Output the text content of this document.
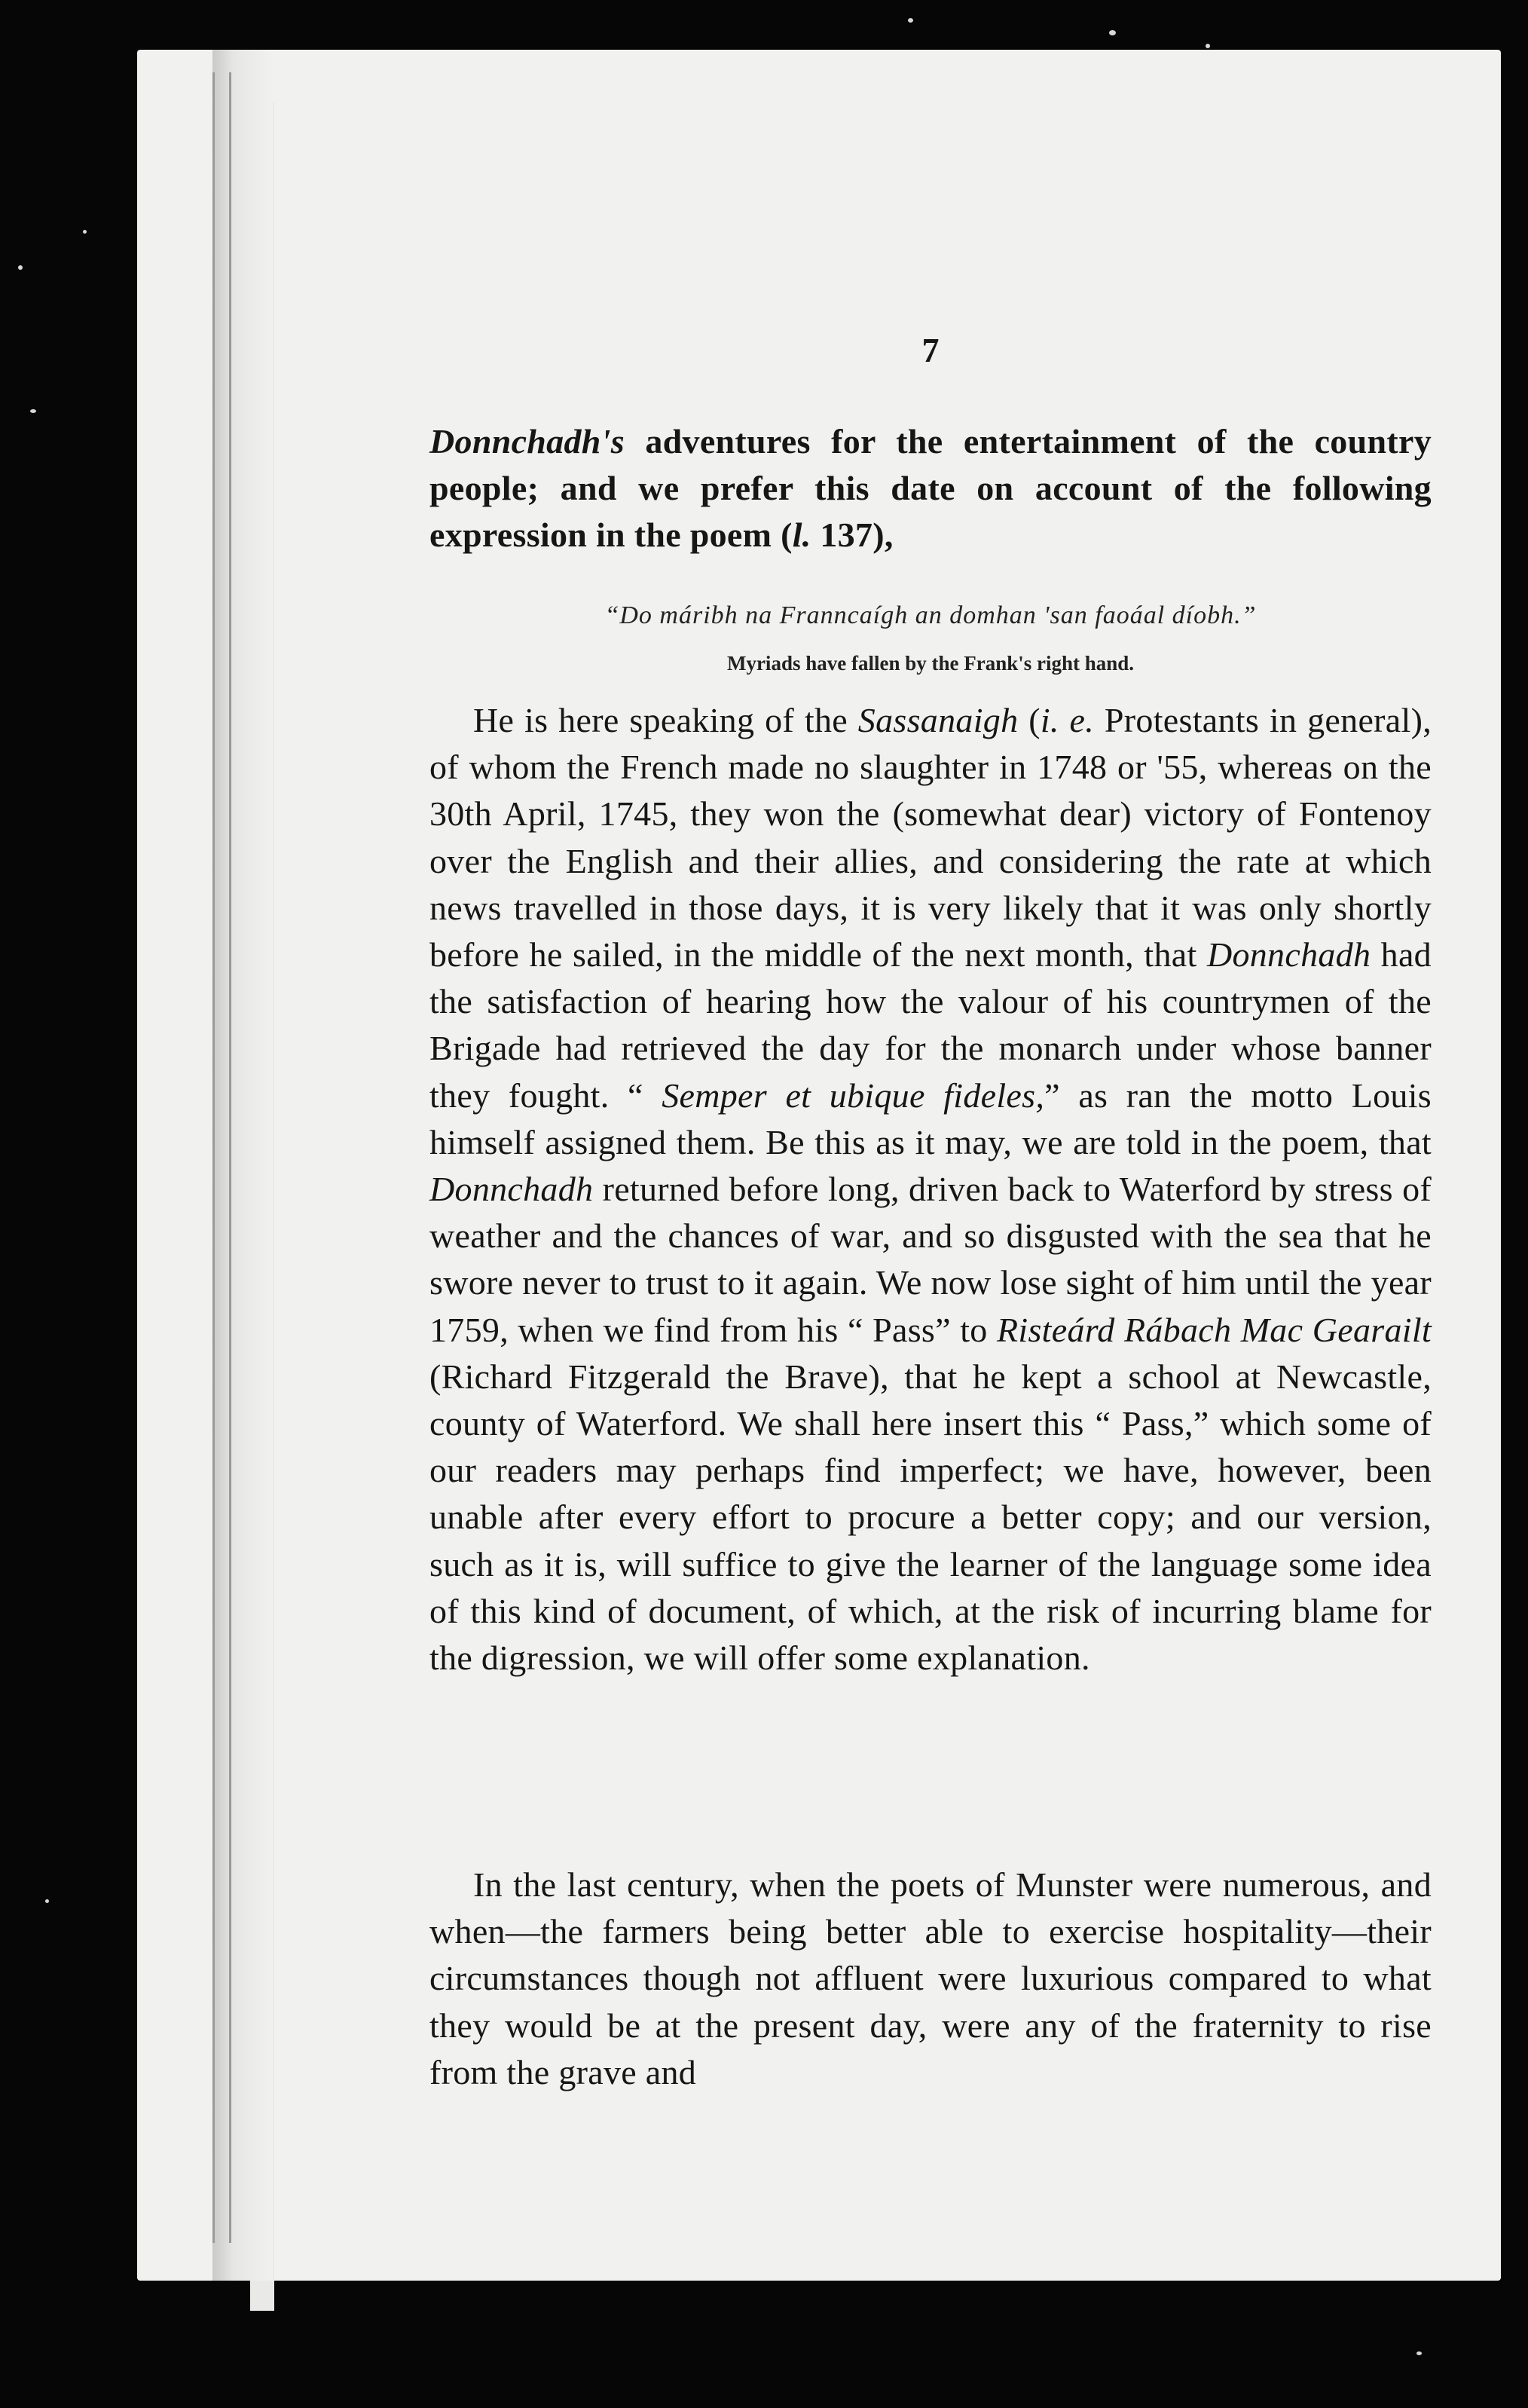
7

Donnchadh's adventures for the entertainment of the country people; and we prefer this date on account of the following expression in the poem (l. 137),

“Do máribh na Franncaígh an domhan 'san faoáal díobh.”
Myriads have fallen by the Frank's right hand.

He is here speaking of the Sassanaigh (i. e. Protestants in general), of whom the French made no slaughter in 1748 or '55, whereas on the 30th April, 1745, they won the (somewhat dear) victory of Fontenoy over the English and their allies, and considering the rate at which news travelled in those days, it is very likely that it was only shortly before he sailed, in the middle of the next month, that Donnchadh had the satisfaction of hearing how the valour of his countrymen of the Brigade had retrieved the day for the monarch under whose banner they fought. “ Semper et ubique fideles,” as ran the motto Louis himself assigned them. Be this as it may, we are told in the poem, that Donnchadh returned before long, driven back to Waterford by stress of weather and the chances of war, and so disgusted with the sea that he swore never to trust to it again. We now lose sight of him until the year 1759, when we find from his “ Pass” to Risteárd Rábach Mac Gearailt (Richard Fitzgerald the Brave), that he kept a school at Newcastle, county of Waterford. We shall here insert this “ Pass,” which some of our readers may perhaps find imperfect; we have, however, been unable after every effort to procure a better copy; and our version, such as it is, will suffice to give the learner of the language some idea of this kind of document, of which, at the risk of incurring blame for the digression, we will offer some explanation.

In the last century, when the poets of Munster were numerous, and when—the farmers being better able to exercise hospitality—their circumstances though not affluent were luxurious compared to what they would be at the present day, were any of the fraternity to rise from the grave and
